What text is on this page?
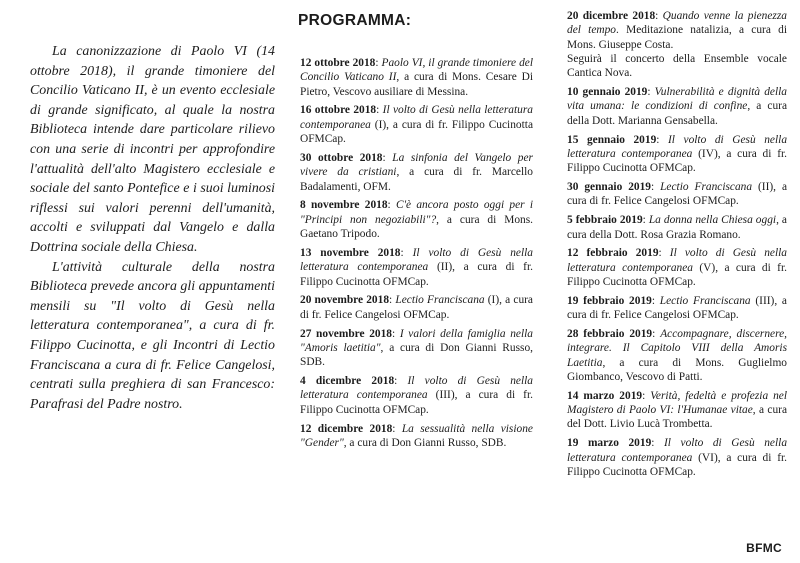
La canonizzazione di Paolo VI (14 ottobre 2018), il grande timoniere del Concilio Vaticano II, è un evento ecclesiale di grande significato, al quale la nostra Biblioteca intende dare particolare rilievo con una serie di incontri per approfondire l'attualità dell'alto Magistero ecclesiale e sociale del santo Pontefice e i suoi luminosi riflessi sui valori perenni dell'umanità, accolti e sviluppati dal Vangelo e dalla Dottrina sociale della Chiesa.

L'attività culturale della nostra Biblioteca prevede ancora gli appuntamenti mensili su "Il volto di Gesù nella letteratura contemporanea", a cura di fr. Filippo Cucinotta, e gli Incontri di Lectio Franciscana a cura di fr. Felice Cangelosi, centrati sulla preghiera di san Francesco: Parafrasi del Padre nostro.

PROGRAMMA:
12 ottobre 2018: Paolo VI, il grande timoniere del Concilio Vaticano II, a cura di Mons. Cesare Di Pietro, Vescovo ausiliare di Messina.
16 ottobre 2018: Il volto di Gesù nella letteratura contemporanea (I), a cura di fr. Filippo Cucinotta OFMCap.
30 ottobre 2018: La sinfonia del Vangelo per vivere da cristiani, a cura di fr. Marcello Badalamenti, OFM.
8 novembre 2018: C'è ancora posto oggi per i "Principi non negoziabili"?, a cura di Mons. Gaetano Tripodo.
13 novembre 2018: Il volto di Gesù nella letteratura contemporanea (II), a cura di fr. Filippo Cucinotta OFMCap.
20 novembre 2018: Lectio Franciscana (I), a cura di fr. Felice Cangelosi OFMCap.
27 novembre 2018: I valori della famiglia nella "Amoris laetitia", a cura di Don Gianni Russo, SDB.
4 dicembre 2018: Il volto di Gesù nella letteratura contemporanea (III), a cura di fr. Filippo Cucinotta OFMCap.
12 dicembre 2018: La sessualità nella visione "Gender", a cura di Don Gianni Russo, SDB.
20 dicembre 2018: Quando venne la pienezza del tempo. Meditazione natalizia, a cura di Mons. Giuseppe Costa.
Seguirà il concerto della Ensemble vocale Cantica Nova.
10 gennaio 2019: Vulnerabilità e dignità della vita umana: le condizioni di confine, a cura della Dott. Marianna Gensabella.
15 gennaio 2019: Il volto di Gesù nella letteratura contemporanea (IV), a cura di fr. Filippo Cucinotta OFMCap.
30 gennaio 2019: Lectio Franciscana (II), a cura di fr. Felice Cangelosi OFMCap.
5 febbraio 2019: La donna nella Chiesa oggi, a cura della Dott. Rosa Grazia Romano.
12 febbraio 2019: Il volto di Gesù nella letteratura contemporanea (V), a cura di fr. Filippo Cucinotta OFMCap.
19 febbraio 2019: Lectio Franciscana (III), a cura di fr. Felice Cangelosi OFMCap.
28 febbraio 2019: Accompagnare, discernere, integrare. Il Capitolo VIII della Amoris Laetitia, a cura di Mons. Guglielmo Giombanco, Vescovo di Patti.
14 marzo 2019: Verità, fedeltà e profezia nel Magistero di Paolo VI: l'Humanae vitae, a cura del Dott. Livio Lucà Trombetta.
19 marzo 2019: Il volto di Gesù nella letteratura contemporanea (VI), a cura di fr. Filippo Cucinotta OFMCap.
BFMC
